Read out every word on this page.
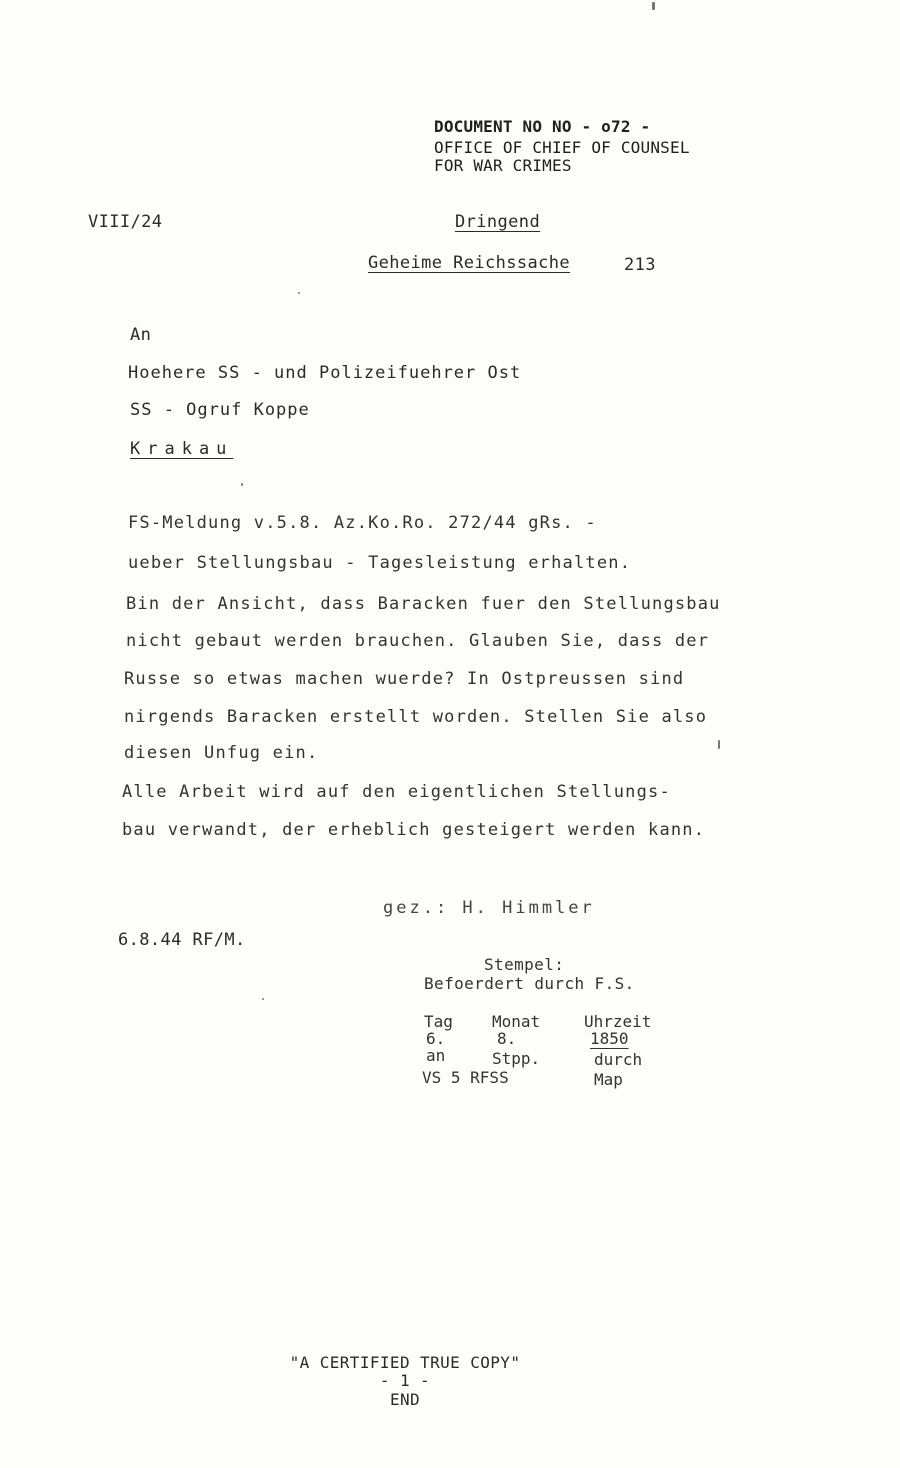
DOCUMENT NO NO - o72 -
OFFICE OF CHIEF OF COUNSEL
FOR WAR CRIMES
VIII/24	Dringend
Geheime Reichssache	213
An
Hoehere SS - und Polizeifuehrer Ost
SS - Ogruf Koppe
Krakau
FS-Meldung v.5.8. Az.Ko.Ro. 272/44 gRs. -
ueber Stellungsbau - Tagesleistung erhalten.
Bin der Ansicht, dass Baracken fuer den Stellungsbau
nicht gebaut werden brauchen. Glauben Sie, dass der
Russe so etwas machen wuerde? In Ostpreussen sind
nirgends Baracken erstellt worden. Stellen Sie also
diesen Unfug ein.
Alle Arbeit wird auf den eigentlichen Stellungs-
bau verwandt, der erheblich gesteigert werden kann.
gez.: H. Himmler
6.8.44 RF/M.
Stempel:
Befoerdert durch F.S.
Tag
6.
an
VS 5 RFSS
Monat
8.
Stpp.
Uhrzeit
1850
durch
Map
"A CERTIFIED TRUE COPY"
- 1 -
END
